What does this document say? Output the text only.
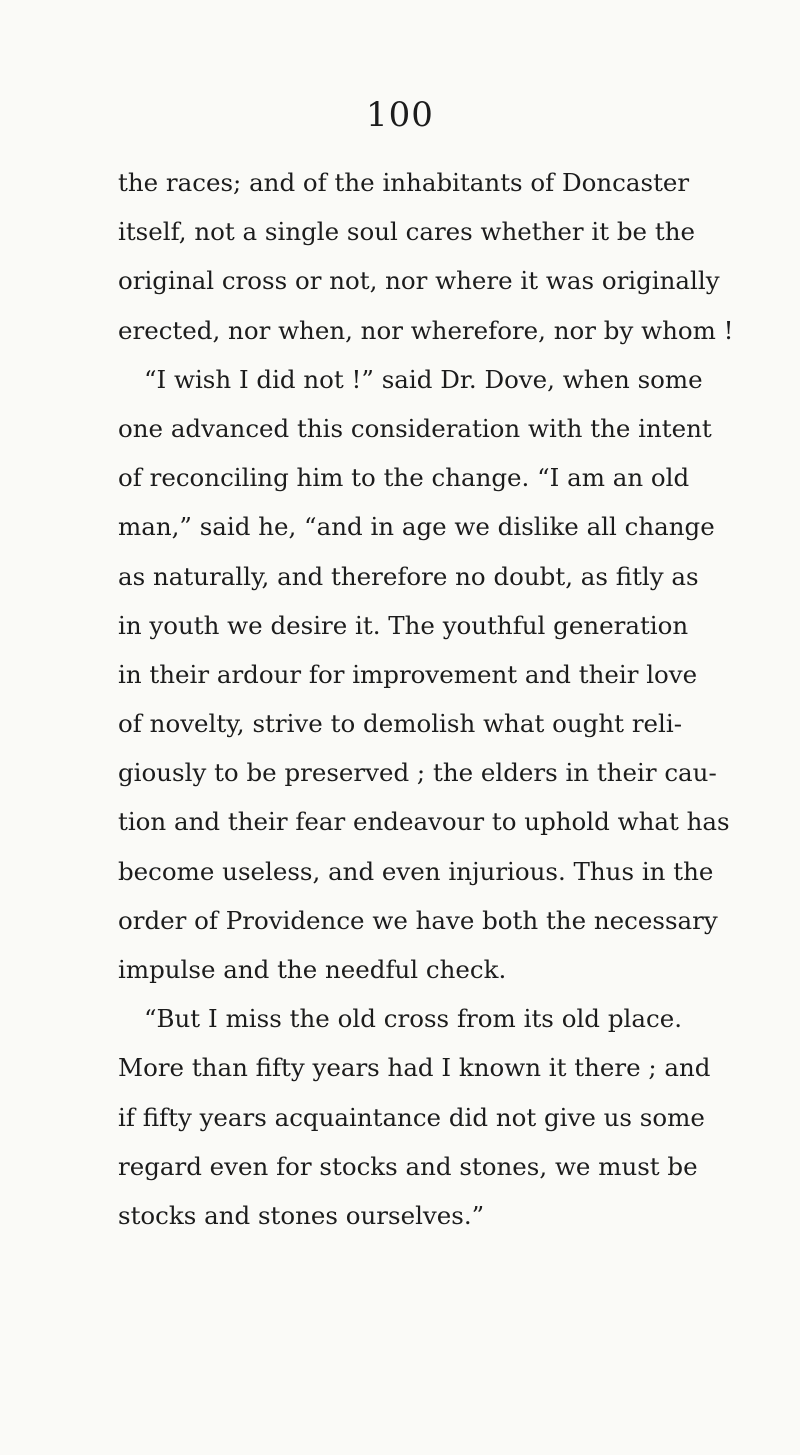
100
the races; and of the inhabitants of Doncaster
itself, not a single soul cares whether it be the
original cross or not, nor where it was originally
erected, nor when, nor wherefore, nor by whom !
“I wish I did not !” said Dr. Dove, when some
one advanced this consideration with the intent
of reconciling him to the change. “I am an old
man,” said he, “and in age we dislike all change
as naturally, and therefore no doubt, as fitly as
in youth we desire it. The youthful generation
in their ardour for improvement and their love
of novelty, strive to demolish what ought reli-
giously to be preserved ; the elders in their cau-
tion and their fear endeavour to uphold what has
become useless, and even injurious. Thus in the
order of Providence we have both the necessary
impulse and the needful check.
“But I miss the old cross from its old place.
More than fifty years had I known it there ; and
if fifty years acquaintance did not give us some
regard even for stocks and stones, we must be
stocks and stones ourselves.”
